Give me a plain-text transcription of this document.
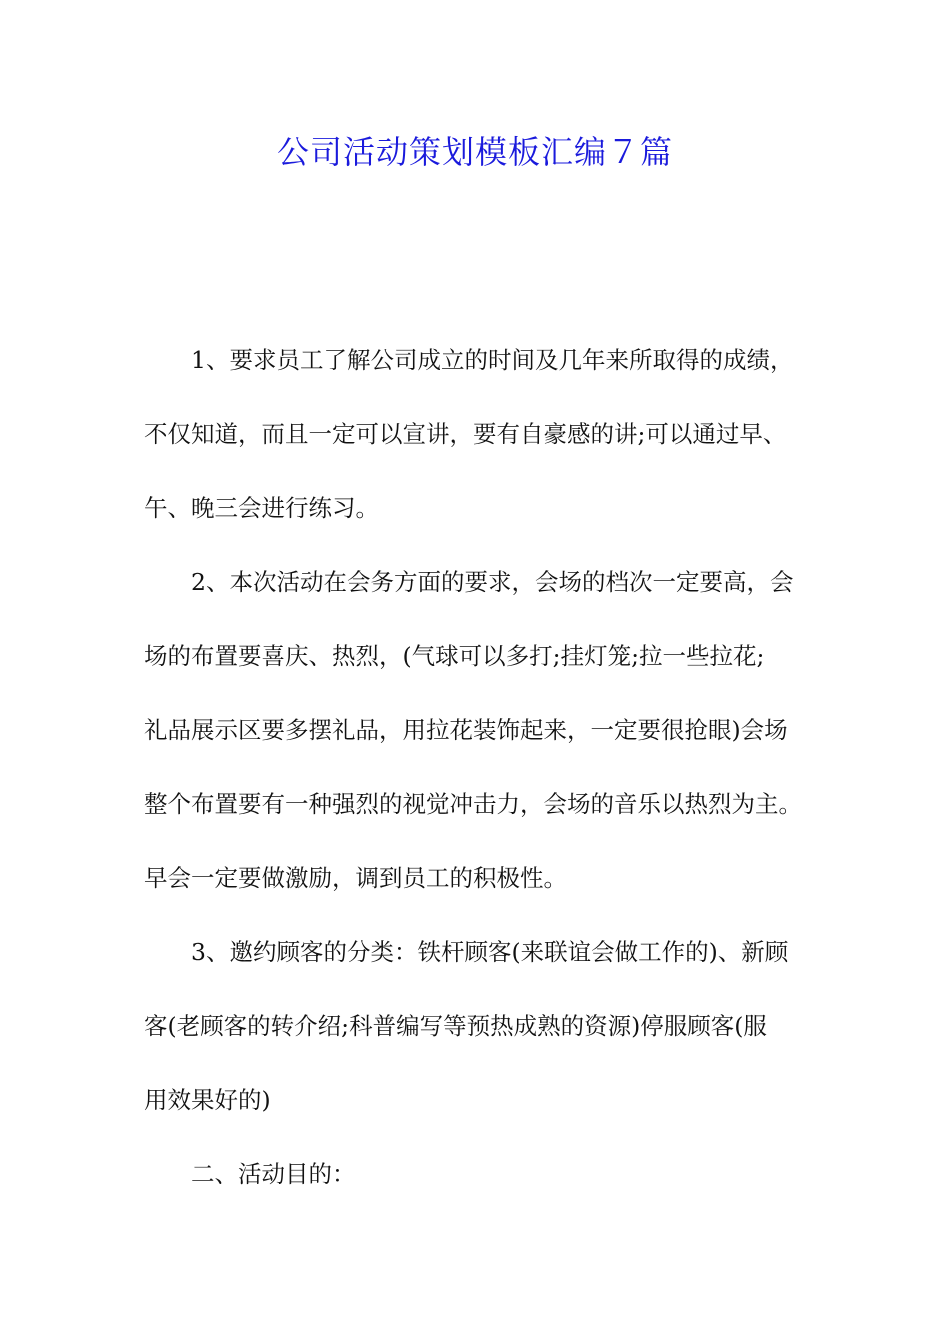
公司活动策划模板汇编７篇
1、要求员工了解公司成立的时间及几年来所取得的成绩，
不仅知道，而且一定可以宣讲，要有自豪感的讲;可以通过早、
午、晚三会进行练习。
2、本次活动在会务方面的要求，会场的档次一定要高，会
场的布置要喜庆、热烈，(气球可以多打;挂灯笼;拉一些拉花;
礼品展示区要多摆礼品，用拉花装饰起来，一定要很抢眼)会场
整个布置要有一种强烈的视觉冲击力，会场的音乐以热烈为主。
早会一定要做激励，调到员工的积极性。
3、邀约顾客的分类：铁杆顾客(来联谊会做工作的)、新顾
客(老顾客的转介绍;科普编写等预热成熟的资源)停服顾客(服
用效果好的)
二、活动目的：
